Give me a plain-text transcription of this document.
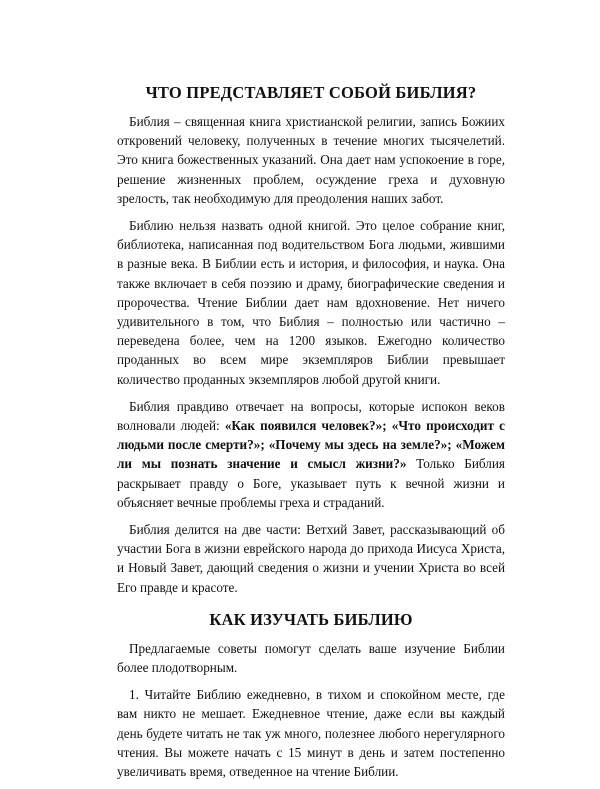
ЧТО ПРЕДСТАВЛЯЕТ СОБОЙ БИБЛИЯ?

Библия – священная книга христианской религии, запись Божиих откровений человеку, полученных в течение многих тысячелетий. Это книга божественных указаний. Она дает нам успокоение в горе, решение жизненных проблем, осуждение греха и духовную зрелость, так необходимую для преодоления наших забот.

Библию нельзя назвать одной книгой. Это целое собрание книг, библиотека, написанная под водительством Бога людьми, жившими в разные века. В Библии есть и история, и философия, и наука. Она также включает в себя поэзию и драму, биографические сведения и пророчества. Чтение Библии дает нам вдохновение. Нет ничего удивительного в том, что Библия – полностью или частично – переведена более, чем на 1200 языков. Ежегодно количество проданных во всем мире экземпляров Библии превышает количество проданных экземпляров любой другой книги.

Библия правдиво отвечает на вопросы, которые испокон веков волновали людей: «Как появился человек?»; «Что происходит с людьми после смерти?»; «Почему мы здесь на земле?»; «Можем ли мы познать значение и смысл жизни?» Только Библия раскрывает правду о Боге, указывает путь к вечной жизни и объясняет вечные проблемы греха и страданий.

Библия делится на две части: Ветхий Завет, рассказывающий об участии Бога в жизни еврейского народа до прихода Иисуса Христа, и Новый Завет, дающий сведения о жизни и учении Христа во всей Его правде и красоте.

КАК ИЗУЧАТЬ БИБЛИЮ

Предлагаемые советы помогут сделать ваше изучение Библии более плодотворным.

1. Читайте Библию ежедневно, в тихом и спокойном месте, где вам никто не мешает. Ежедневное чтение, даже если вы каждый день будете читать не так уж много, полезнее любого нерегулярного чтения. Вы можете начать с 15 минут в день и затем постепенно увеличивать время, отведенное на чтение Библии.
